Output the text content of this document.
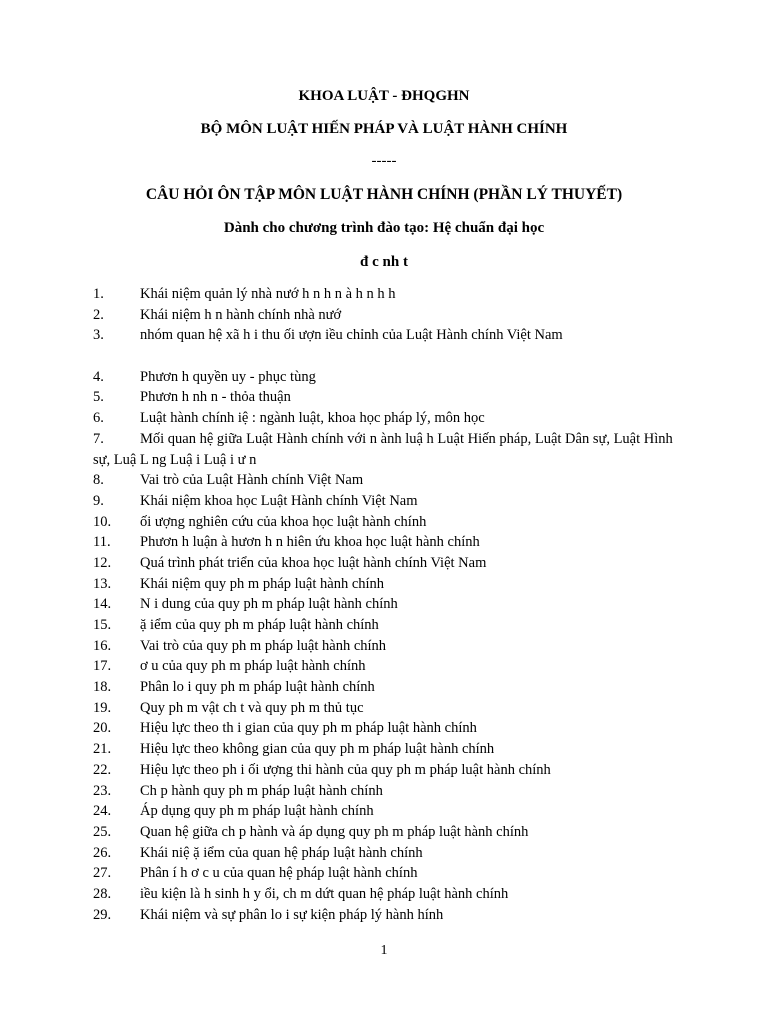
KHOA LUẬT - ĐHQGHN
BỘ MÔN LUẬT HIẾN PHÁP VÀ LUẬT HÀNH CHÍNH
-----
CÂU HỎI ÔN TẬP MÔN LUẬT HÀNH CHÍNH (PHẦN LÝ THUYẾT)
Dành cho chương trình đào tạo: Hệ chuẩn đại học
đ c nh t
1.	Khái niệm quản lý nhà nướ h n h n à h n h h
2.	Khái niệm h n hành chính nhà nướ
3.	nhóm quan hệ xã h i thu ối ượn iều chỉnh của Luật Hành chính Việt Nam
4.	Phươn h quyền uy - phục tùng
5.	Phươn h nh n - thỏa thuận
6.	Luật hành chính iệ : ngành luật, khoa học pháp lý, môn học
7.	Mối quan hệ giữa Luật Hành chính với n ành luậ h Luật Hiến pháp, Luật Dân sự, Luật Hình sự, Luậ L ng Luậ i Luậ i ư n
8.	Vai trò của Luật Hành chính Việt Nam
9.	Khái niệm khoa học Luật Hành chính Việt Nam
10.	ối ượng nghiên cứu của khoa học luật hành chính
11.	Phươn h luận à hươn h n hiên ứu khoa học luật hành chính
12.	Quá trình phát triển của khoa học luật hành chính Việt Nam
13.	Khái niệm quy ph m pháp luật hành chính
14.	N i dung của quy ph m pháp luật hành chính
15.	ặ iểm của quy ph m pháp luật hành chính
16.	Vai trò của quy ph m pháp luật hành chính
17.	ơ u của quy ph m pháp luật hành chính
18.	Phân lo i quy ph m pháp luật hành chính
19.	Quy ph m vật ch t và quy ph m thủ tục
20.	Hiệu lực theo th i gian của quy ph m pháp luật hành chính
21.	Hiệu lực theo không gian của quy ph m pháp luật hành chính
22.	Hiệu lực theo ph i ối ượng thi hành của quy ph m pháp luật hành chính
23.	Ch p hành quy ph m pháp luật hành chính
24.	Áp dụng quy ph m pháp luật hành chính
25.	Quan hệ giữa ch p hành và áp dụng quy ph m pháp luật hành chính
26.	Khái niệ ặ iểm của quan hệ pháp luật hành chính
27.	Phân í h ơ c u của quan hệ pháp luật hành chính
28.	iều kiện là h sinh h y ổi, ch m dứt quan hệ pháp luật hành chính
29.	Khái niệm và sự phân lo i sự kiện pháp lý hành hính
1
